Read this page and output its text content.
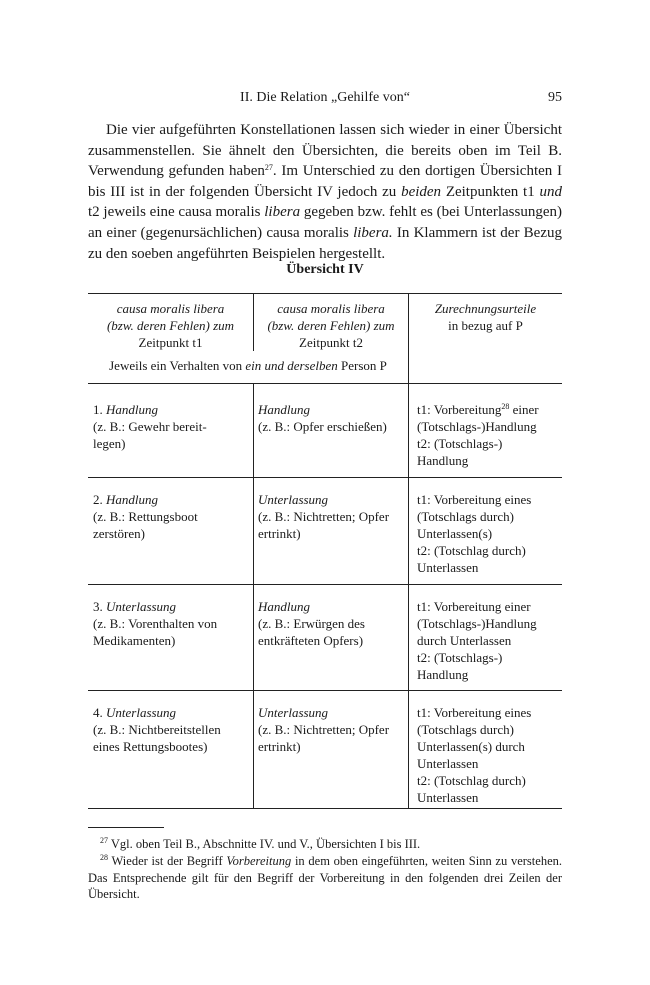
II. Die Relation „Gehilfe von“	95

Die vier aufgeführten Konstellationen lassen sich wieder in einer Übersicht zusammenstellen. Sie ähnelt den Übersichten, die bereits oben im Teil B. Verwendung gefunden haben$^{27}$. Im Unterschied zu den dortigen Übersichten I bis III ist in der folgenden Übersicht IV jedoch zu beiden Zeitpunkten t1 und t2 jeweils eine causa moralis libera gegeben bzw. fehlt es (bei Unterlassungen) an einer (gegenursächlichen) causa moralis libera. In Klammern ist der Bezug zu den soeben angeführten Beispielen hergestellt.

Übersicht IV
causa moralis libera
(bzw. deren Fehlen) zum
Zeitpunkt t1
causa moralis libera
(bzw. deren Fehlen) zum
Zeitpunkt t2
Zurechnungsurteile
in bezug auf P
Jeweils ein Verhalten von ein und derselben Person P
1. Handlung
(z. B.: Gewehr bereit-
legen)
Handlung
(z. B.: Opfer erschießen)
t1: Vorbereitung$^{28}$ einer
(Totschlags-)Handlung
t2: (Totschlags-)
Handlung
2. Handlung
(z. B.: Rettungsboot
zerstören)
Unterlassung
(z. B.: Nichtretten; Opfer
ertrinkt)
t1: Vorbereitung eines
(Totschlags durch)
Unterlassen(s)
t2: (Totschlag durch)
Unterlassen
3. Unterlassung
(z. B.: Vorenthalten von
Medikamenten)
Handlung
(z. B.: Erwürgen des
entkräfteten Opfers)
t1: Vorbereitung einer
(Totschlags-)Handlung
durch Unterlassen
t2: (Totschlags-)
Handlung
4. Unterlassung
(z. B.: Nichtbereitstellen
eines Rettungsbootes)
Unterlassung
(z. B.: Nichtretten; Opfer
ertrinkt)
t1: Vorbereitung eines
(Totschlags durch)
Unterlassen(s) durch
Unterlassen
t2: (Totschlag durch)
Unterlassen

$^{27}$ Vgl. oben Teil B., Abschnitte IV. und V., Übersichten I bis III.

$^{28}$ Wieder ist der Begriff Vorbereitung in dem oben eingeführten, weiten Sinn zu verstehen. Das Entsprechende gilt für den Begriff der Vorbereitung in den folgenden drei Zeilen der Übersicht.
